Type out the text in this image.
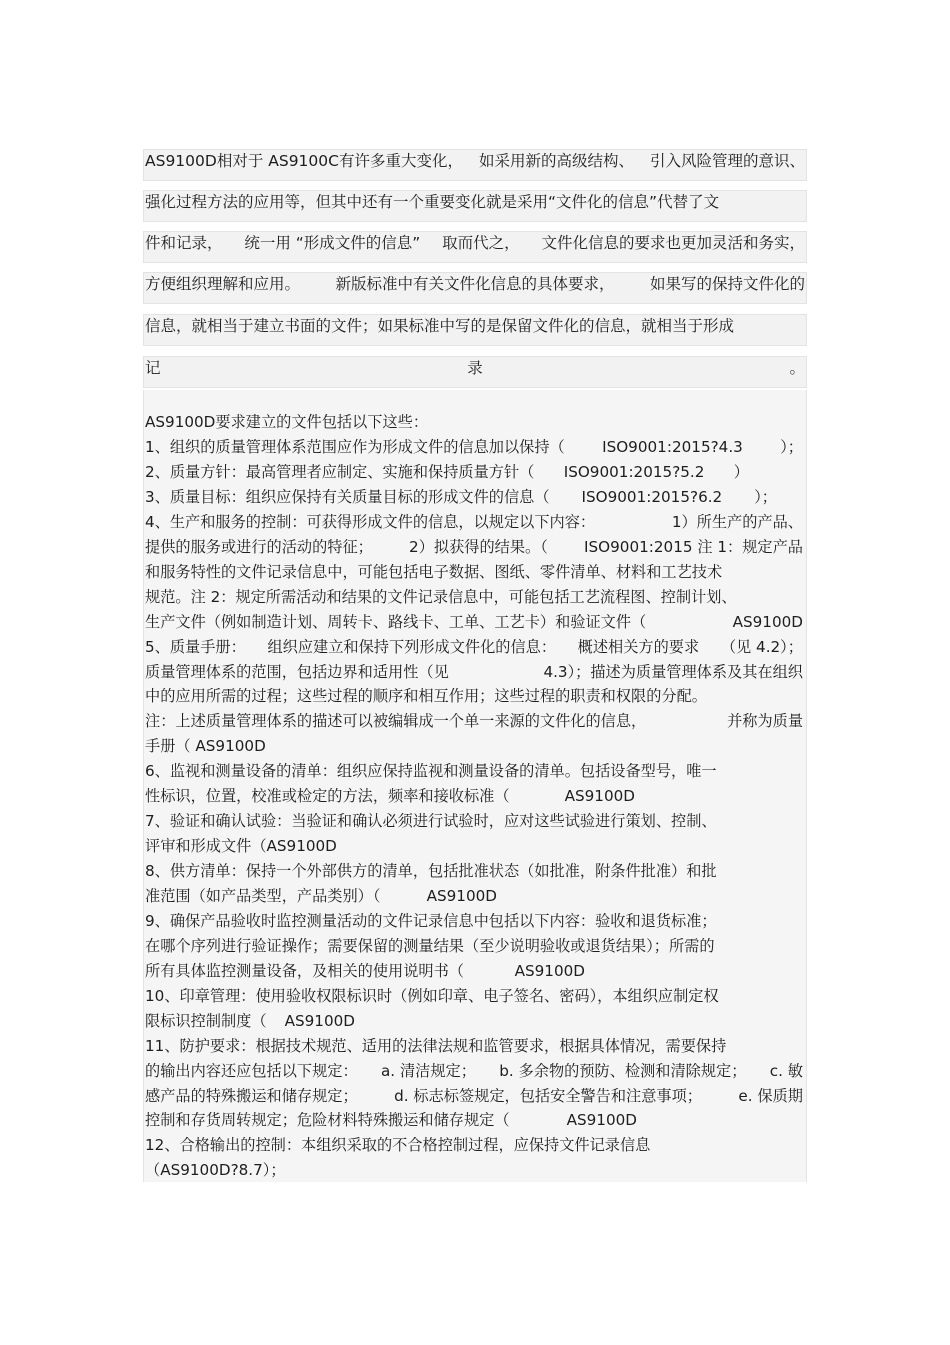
AS9100D相对于 AS9100C有许多重大变化， 如采用新的高级结构、 引入风险管理的意识、
强化过程方法的应用等，但其中还有一个重要变化就是采用“文件化的信息”代替了文
件和记录， 统一用 “形成文件的信息” 取而代之， 文件化信息的要求也更加灵活和务实，
方便组织理解和应用。 新版标准中有关文件化信息的具体要求， 如果写的保持文件化的
信息，就相当于建立书面的文件；如果标准中写的是保留文件化的信息，就相当于形成
记	录	。
AS9100D要求建立的文件包括以下这些：
1、组织的质量管理体系范围应作为形成文件的信息加以保持（ ISO9001:2015?4.3 ）；
2、质量方针：最高管理者应制定、实施和保持质量方针（ ISO9001:2015?5.2 ）
3、质量目标：组织应保持有关质量目标的形成文件的信息（ ISO9001:2015?6.2 ）；
4、生产和服务的控制：可获得形成文件的信息，以规定以下内容：	1）所生产的产品、
提供的服务或进行的活动的特征； 2）拟获得的结果。（ ISO9001:2015 注 1：规定产品
和服务特性的文件记录信息中，可能包括电子数据、图纸、零件清单、材料和工艺技术
规范。注 2：规定所需活动和结果的文件记录信息中，可能包括工艺流程图、控制计划、
生产文件（例如制造计划、周转卡、路线卡、工单、工艺卡）和验证文件（	AS9100D
5、质量手册： 组织应建立和保持下列形成文件化的信息： 概述相关方的要求 （见 4.2）；
质量管理体系的范围，包括边界和适用性（见	4.3）；描述为质量管理体系及其在组织
中的应用所需的过程；这些过程的顺序和相互作用；这些过程的职责和权限的分配。
注：上述质量管理体系的描述可以被编辑成一个单一来源的文件化的信息，	并称为质量
手册（ AS9100D
6、监视和测量设备的清单：组织应保持监视和测量设备的清单。包括设备型号，唯一
性标识，位置，校准或检定的方法，频率和接收标准（	AS9100D
7、验证和确认试验：当验证和确认必须进行试验时，应对这些试验进行策划、控制、
评审和形成文件（ AS9100D
8、供方清单：保持一个外部供方的清单，包括批准状态（如批准，附条件批准）和批
准范围（如产品类型，产品类别）（	AS9100D
9、确保产品验收时监控测量活动的文件记录信息中包括以下内容：验收和退货标准；
在哪个序列进行验证操作；需要保留的测量结果（至少说明验收或退货结果）；所需的
所有具体监控测量设备，及相关的使用说明书（	AS9100D
10、印章管理：使用验收权限标识时（例如印章、电子签名、密码），本组织应制定权
限标识控制制度（ AS9100D
11、防护要求：根据技术规范、适用的法律法规和监管要求，根据具体情况，需要保持
的输出内容还应包括以下规定： a. 清洁规定； b. 多余物的预防、检测和清除规定； c. 敏
感产品的特殊搬运和储存规定； d. 标志标签规定，包括安全警告和注意事项； e. 保质期
控制和存货周转规定；危险材料特殊搬运和储存规定（	AS9100D
12、合格输出的控制：本组织采取的不合格控制过程，应保持文件记录信息
（AS9100D?8.7）；
